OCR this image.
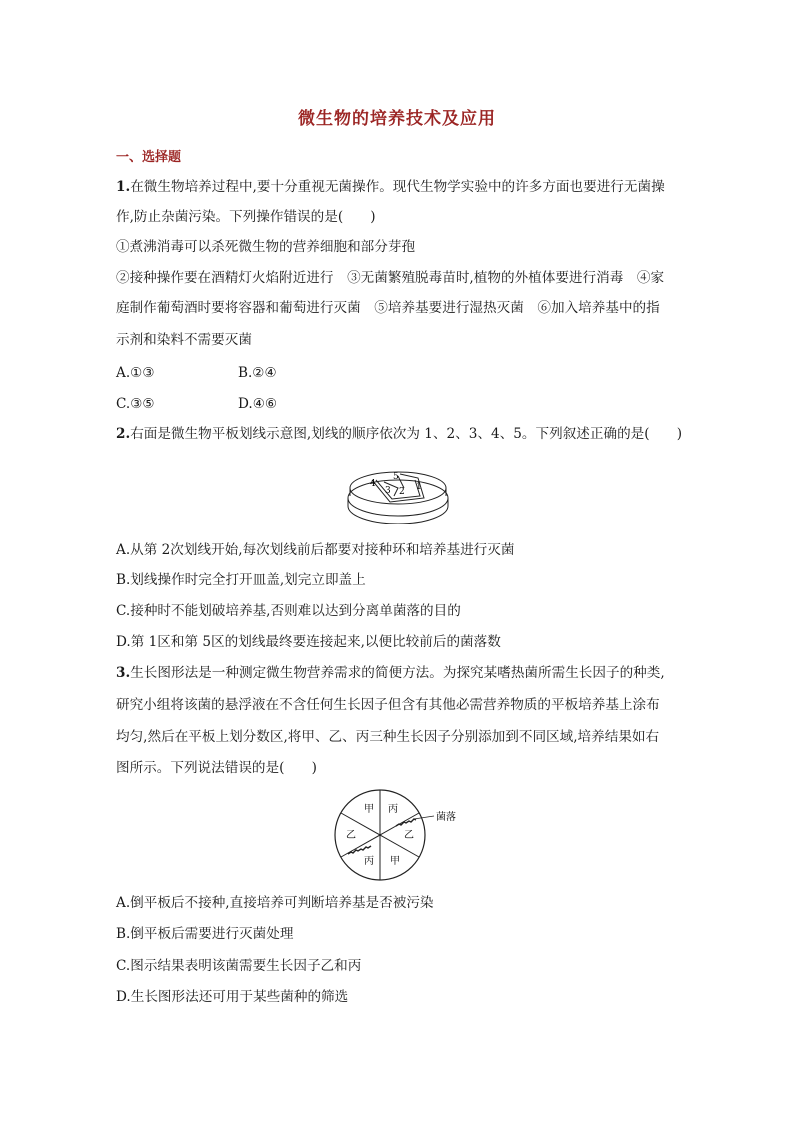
微生物的培养技术及应用
一、选择题
1.在微生物培养过程中,要十分重视无菌操作。现代生物学实验中的许多方面也要进行无菌操
作,防止杂菌污染。下列操作错误的是(　　)
①煮沸消毒可以杀死微生物的营养细胞和部分芽孢
②接种操作要在酒精灯火焰附近进行　③无菌繁殖脱毒苗时,植物的外植体要进行消毒　④家
庭制作葡萄酒时要将容器和葡萄进行灭菌　⑤培养基要进行湿热灭菌　⑥加入培养基中的指
示剂和染料不需要灭菌
A.①③	B.②④
C.③⑤	D.④⑥
2.右面是微生物平板划线示意图,划线的顺序依次为 1、2、3、4、5。下列叙述正确的是(　　)
5
4
3 2 1
A.从第 2次划线开始,每次划线前后都要对接种环和培养基进行灭菌
B.划线操作时完全打开皿盖,划完立即盖上
C.接种时不能划破培养基,否则难以达到分离单菌落的目的
D.第 1区和第 5区的划线最终要连接起来,以便比较前后的菌落数
3.生长图形法是一种测定微生物营养需求的简便方法。为探究某嗜热菌所需生长因子的种类,
研究小组将该菌的悬浮液在不含任何生长因子但含有其他必需营养物质的平板培养基上涂布
均匀,然后在平板上划分数区,将甲、乙、丙三种生长因子分别添加到不同区域,培养结果如右
图所示。下列说法错误的是(　　)
甲 丙
乙	乙
丙 甲
菌落
A.倒平板后不接种,直接培养可判断培养基是否被污染
B.倒平板后需要进行灭菌处理
C.图示结果表明该菌需要生长因子乙和丙
D.生长图形法还可用于某些菌种的筛选
